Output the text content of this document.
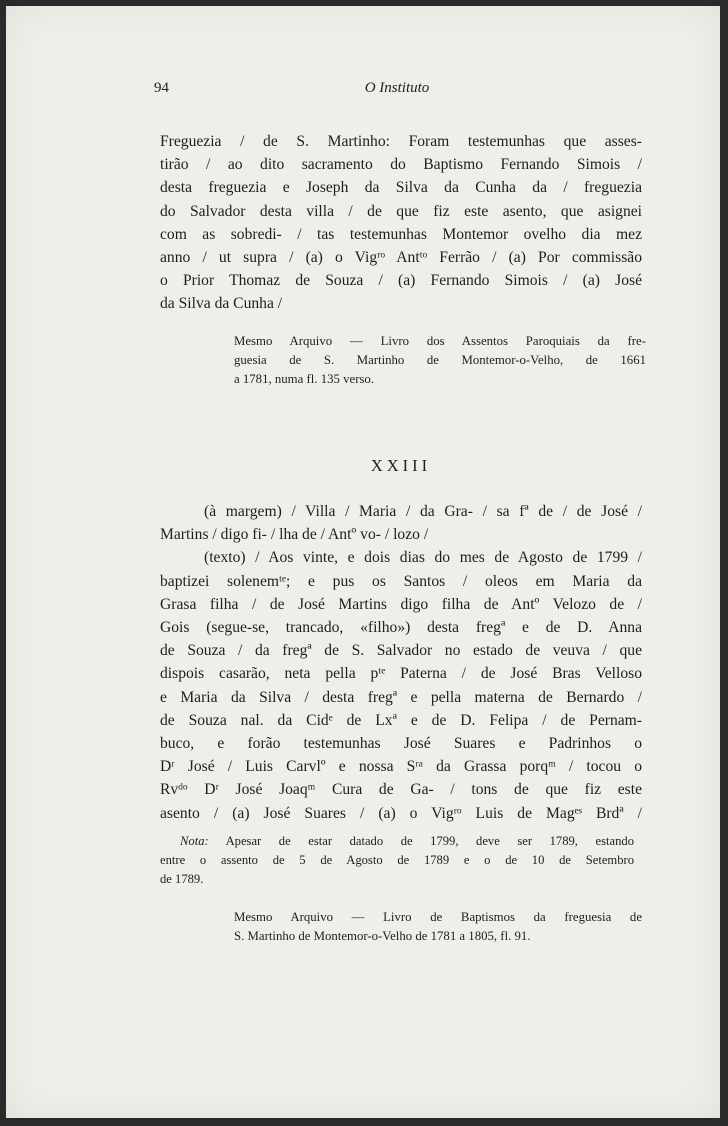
94	O Instituto
Freguezia / de S. Martinho: Foram testemunhas que asses-
tirão / ao dito sacramento do Baptismo Fernando Simois /
desta freguezia e Joseph da Silva da Cunha da / freguezia
do Salvador desta villa / de que fiz este asento, que asignei
com as sobredi- / tas testemunhas Montemor ovelho dia mez
anno / ut supra / (a) o Vigʳᵒ Antᵗᵒ Ferrão / (a) Por commissão
o Prior Thomaz de Souza / (a) Fernando Simois / (a) José
da Silva da Cunha /
Mesmo Arquivo — Livro dos Assentos Paroquiais da fre-
guesia de S. Martinho de Montemor-o-Velho, de 1661
a 1781, numa fl. 135 verso.
XXIII
(à margem) / Villa / Maria / da Gra- / sa fª de / de José /
Martins / digo fi- / lha de / Antº vo- / lozo /
(texto) / Aos vinte, e dois dias do mes de Agosto de 1799 /
baptizei solenemᵗᵉ; e pus os Santos / oleos em Maria da
Grasa filha / de José Martins digo filha de Antº Velozo de /
Gois (segue-se, trancado, «filho») desta fregª e de D. Anna
de Souza / da fregª de S. Salvador no estado de veuva / que
dispois casarão, neta pella pᵗᵉ Paterna / de José Bras Velloso
e Maria da Silva / desta fregª e pella materna de Bernardo /
de Souza nal. da Cidᵉ de Lxª e de D. Felipa / de Pernam-
buco, e forão testemunhas José Suares e Padrinhos o
Dʳ José / Luis Carvlº e nossa Sʳᵃ da Grassa porqᵐ / tocou o
Rvᵈᵒ Dʳ José Joaqᵐ Cura de Ga- / tons de que fiz este
asento / (a) José Suares / (a) o Vigʳᵒ Luis de Magᵉˢ Brdª /
Nota: Apesar de estar datado de 1799, deve ser 1789, estando
entre o assento de 5 de Agosto de 1789 e o de 10 de Setembro
de 1789.
Mesmo Arquivo — Livro de Baptismos da freguesia de
S. Martinho de Montemor-o-Velho de 1781 a 1805, fl. 91.
